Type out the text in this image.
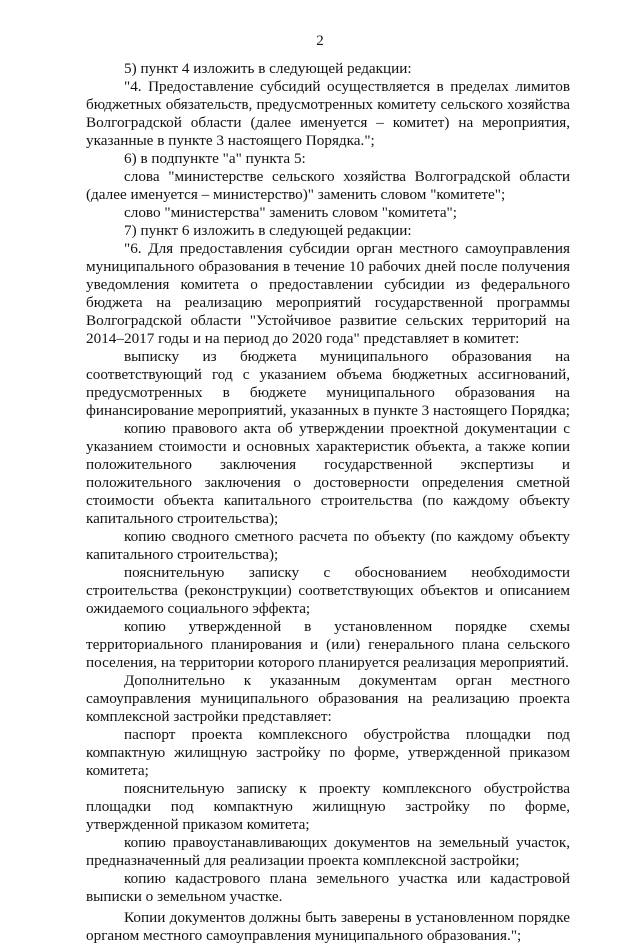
2

5) пункт 4 изложить в следующей редакции:

"4. Предоставление субсидий осуществляется в пределах лимитов бюджетных обязательств, предусмотренных комитету сельского хозяйства Волгоградской области (далее именуется – комитет) на мероприятия, указанные в пункте 3 настоящего Порядка.";

6) в подпункте "а" пункта 5:

слова "министерстве сельского хозяйства Волгоградской области (далее именуется – министерство)" заменить словом "комитете";

слово "министерства" заменить словом "комитета";

7) пункт 6 изложить в следующей редакции:

"6. Для предоставления субсидии орган местного самоуправления муниципального образования в течение 10 рабочих дней после получения уведомления комитета о предоставлении субсидии из федерального бюджета на реализацию мероприятий государственной программы Волгоградской области "Устойчивое развитие сельских территорий на 2014–2017 годы и на период до 2020 года" представляет в комитет:

выписку из бюджета муниципального образования на соответствующий год с указанием объема бюджетных ассигнований, предусмотренных в бюджете муниципального образования на финансирование мероприятий, указанных в пункте 3 настоящего Порядка;

копию правового акта об утверждении проектной документации с указанием стоимости и основных характеристик объекта, а также копии положительного заключения государственной экспертизы и положительного заключения о достоверности определения сметной стоимости объекта капитального строительства (по каждому объекту капитального строительства);

копию сводного сметного расчета по объекту (по каждому объекту капитального строительства);

пояснительную записку с обоснованием необходимости строительства (реконструкции) соответствующих объектов и описанием ожидаемого социального эффекта;

копию утвержденной в установленном порядке схемы территориального планирования и (или) генерального плана сельского поселения, на территории которого планируется реализация мероприятий.

Дополнительно к указанным документам орган местного самоуправления муниципального образования на реализацию проекта комплексной застройки представляет:

паспорт проекта комплексного обустройства площадки под компактную жилищную застройку по форме, утвержденной приказом комитета;

пояснительную записку к проекту комплексного обустройства площадки под компактную жилищную застройку по форме, утвержденной приказом комитета;

копию правоустанавливающих документов на земельный участок, предназначенный для реализации проекта комплексной застройки;

копию кадастрового плана земельного участка или кадастровой выписки о земельном участке.

Копии документов должны быть заверены в установленном порядке органом местного самоуправления муниципального образования.";
